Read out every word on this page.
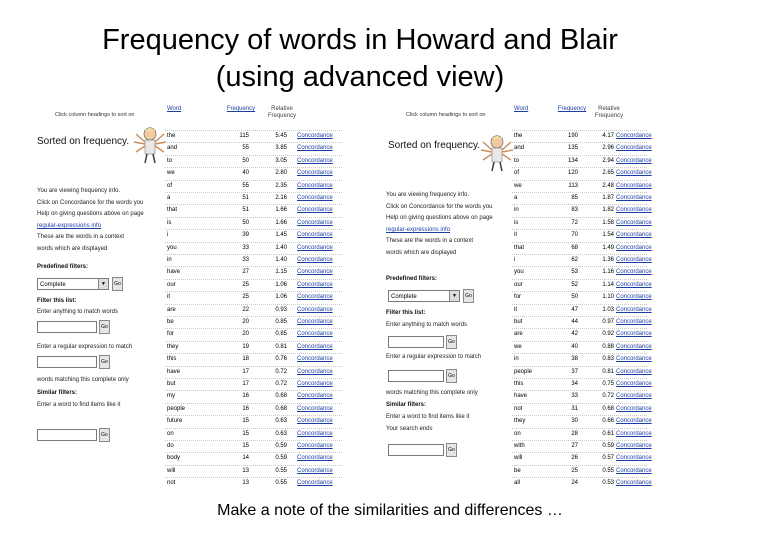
Frequency of words in Howard and Blair
(using advanced view)
Click column headings to sort on
Sorted on frequency.
You are viewing frequency info.
Click on Concordance for the words you
Help on giving questions above on page
regular-expressions info
These are the words in a context
words which are displayed
Predefined filters:
Complete	▼	Go
Filter this list:
Enter anything to match words
Go
Enter a regular expression to match
Go
words matching this complete only
Similar filters:
Enter a word to find items like it
Go
Word	Frequency	Relative Frequency
the	115	5.45 Concordance
and	55	3.85 Concordance
to	50	3.05 Concordance
we	40	2.80 Concordance
of	55	2.35 Concordance
a	51	2.16 Concordance
that	51	1.66 Concordance
is	50	1.66 Concordance
i	39	1.45 Concordance
you	33	1.40 Concordance
in	33	1.40 Concordance
have	27	1.15 Concordance
our	25	1.06 Concordance
it	25	1.06 Concordance
are	22	0.93 Concordance
be	20	0.85 Concordance
for	20	0.85 Concordance
they	19	0.81 Concordance
this	18	0.76 Concordance
have	17	0.72 Concordance
but	17	0.72 Concordance
my	16	0.68 Concordance
people	16	0.68 Concordance
future	15	0.63 Concordance
on	15	0.63 Concordance
do	15	0.59 Concordance
body	14	0.59 Concordance
will	13	0.55 Concordance
not	13	0.55 Concordance
Click column headings to sort on
Sorted on frequency.
You are viewing frequency info.
Click on Concordance for the words you
Help on giving questions above on page
regular-expressions info
These are the words in a context
words which are displayed
Predefined filters:
Complete	▼	Go
Filter this list:
Enter anything to match words
Go
Enter a regular expression to match
Go
words matching this complete only
Similar filters:
Enter a word to find items like it
Your search ends
Go
Word	Frequency	Relative Frequency
the	190	4.17 Concordance
and	135	2.96 Concordance
to	134	2.94 Concordance
of	120	2.65 Concordance
we	113	2.48 Concordance
a	85	1.87 Concordance
in	83	1.82 Concordance
is	72	1.58 Concordance
it	70	1.54 Concordance
that	68	1.49 Concordance
i	62	1.36 Concordance
you	53	1.16 Concordance
our	52	1.14 Concordance
for	50	1.10 Concordance
it	47	1.03 Concordance
but	44	0.97 Concordance
are	42	0.92 Concordance
we	40	0.88 Concordance
in	38	0.83 Concordance
people	37	0.81 Concordance
this	34	0.75 Concordance
have	33	0.72 Concordance
not	31	0.68 Concordance
they	30	0.66 Concordance
on	28	0.61 Concordance
with	27	0.59 Concordance
will	26	0.57 Concordance
be	25	0.55 Concordance
all	24	0.53 Concordance
Make a note of the similarities and differences …
